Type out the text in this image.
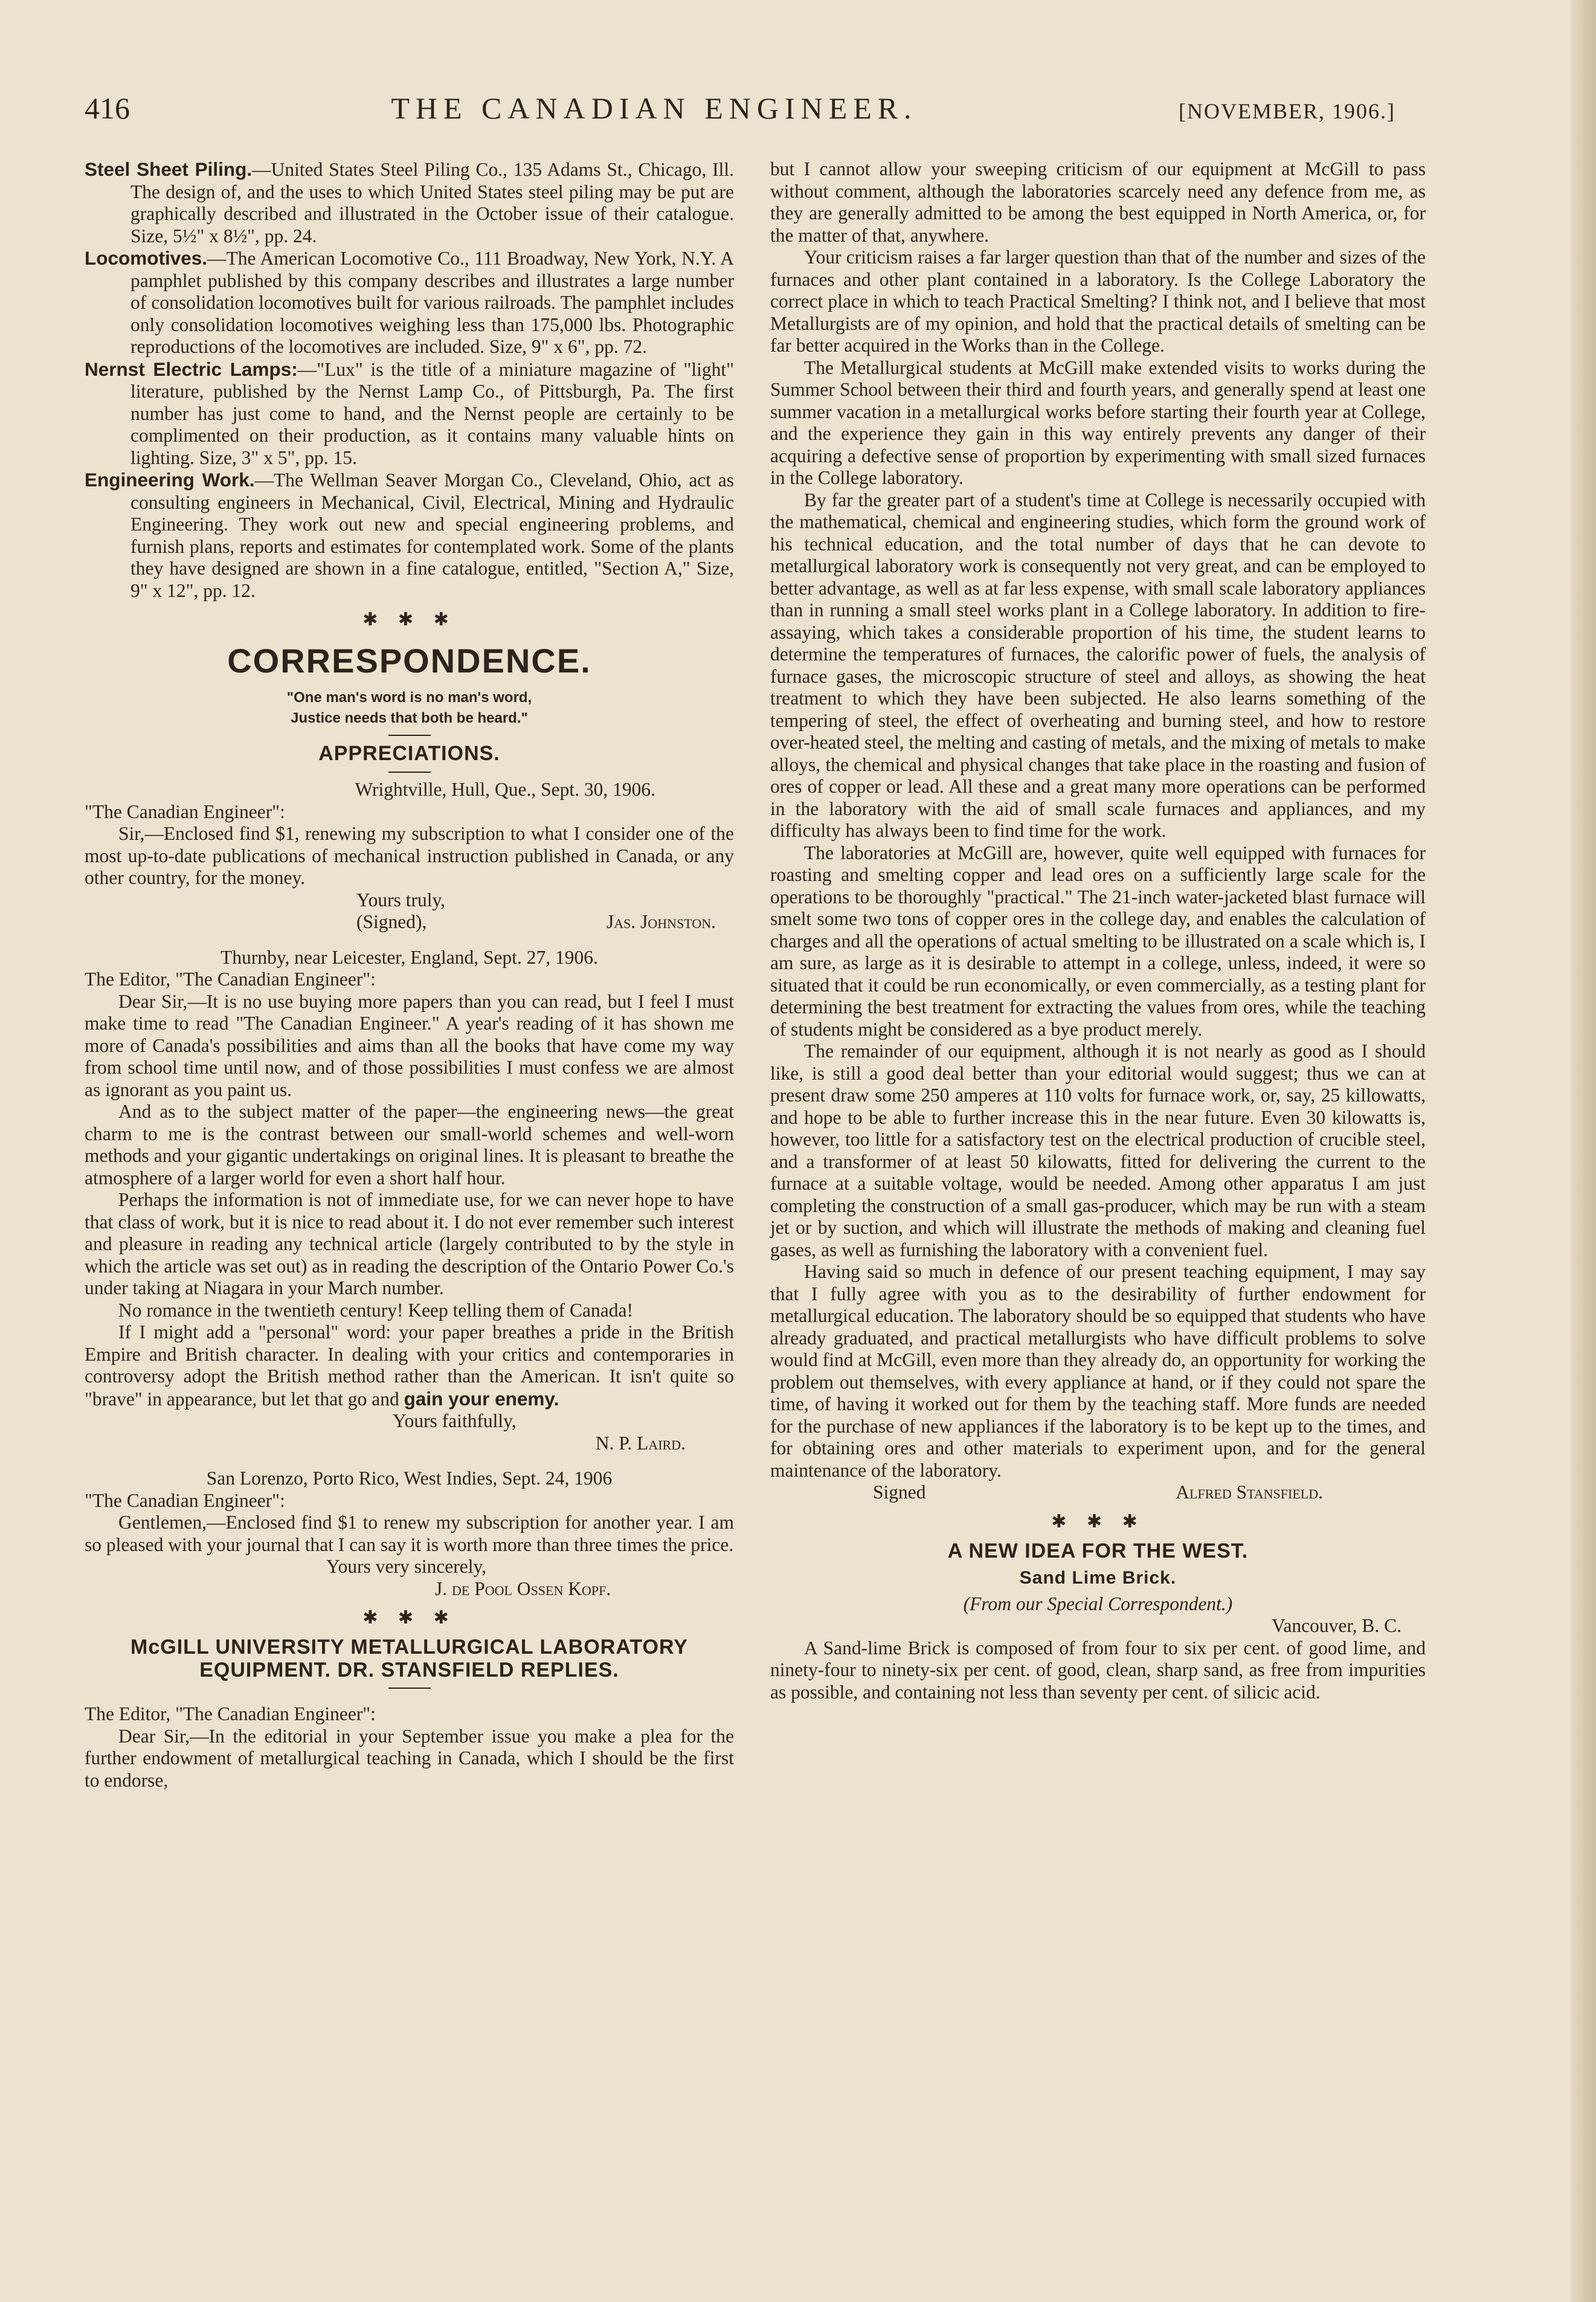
416	THE CANADIAN ENGINEER.	[NOVEMBER, 1906.]

Steel Sheet Piling.—United States Steel Piling Co., 135 Adams St., Chicago, Ill. The design of, and the uses to which United States steel piling may be put are graphically described and illustrated in the October issue of their catalogue. Size, 5½" x 8½", pp. 24.

Locomotives.—The American Locomotive Co., 111 Broadway, New York, N.Y. A pamphlet published by this company describes and illustrates a large number of consolidation locomotives built for various railroads. The pamphlet includes only consolidation locomotives weighing less than 175,000 lbs. Photographic reproductions of the locomotives are included. Size, 9" x 6", pp. 72.

Nernst Electric Lamps:—"Lux" is the title of a miniature magazine of "light" literature, published by the Nernst Lamp Co., of Pittsburgh, Pa. The first number has just come to hand, and the Nernst people are certainly to be complimented on their production, as it contains many valuable hints on lighting. Size, 3" x 5", pp. 15.

Engineering Work.—The Wellman Seaver Morgan Co., Cleveland, Ohio, act as consulting engineers in Mechanical, Civil, Electrical, Mining and Hydraulic Engineering. They work out new and special engineering problems, and furnish plans, reports and estimates for contemplated work. Some of the plants they have designed are shown in a fine catalogue, entitled, "Section A," Size, 9" x 12", pp. 12.

✱ ✱ ✱
CORRESPONDENCE.
"One man's word is no man's word,
Justice needs that both be heard."
APPRECIATIONS.

Wrightville, Hull, Que., Sept. 30, 1906.

"The Canadian Engineer":

Sir,—Enclosed find $1, renewing my subscription to what I consider one of the most up-to-date publications of mechanical instruction published in Canada, or any other country, for the money.

Yours truly,

(Signed),	Jas. Johnston.

Thurnby, near Leicester, England, Sept. 27, 1906.

The Editor, "The Canadian Engineer":

Dear Sir,—It is no use buying more papers than you can read, but I feel I must make time to read "The Canadian Engineer." A year's reading of it has shown me more of Canada's possibilities and aims than all the books that have come my way from school time until now, and of those possibilities I must confess we are almost as ignorant as you paint us.

And as to the subject matter of the paper—the engineering news—the great charm to me is the contrast between our small-world schemes and well-worn methods and your gigantic undertakings on original lines. It is pleasant to breathe the atmosphere of a larger world for even a short half hour.

Perhaps the information is not of immediate use, for we can never hope to have that class of work, but it is nice to read about it. I do not ever remember such interest and pleasure in reading any technical article (largely contributed to by the style in which the article was set out) as in reading the description of the Ontario Power Co.'s under taking at Niagara in your March number.

No romance in the twentieth century! Keep telling them of Canada!

If I might add a "personal" word: your paper breathes a pride in the British Empire and British character. In dealing with your critics and contemporaries in controversy adopt the British method rather than the American. It isn't quite so "brave" in appearance, but let that go and gain your enemy.

Yours faithfully,

N. P. Laird.

San Lorenzo, Porto Rico, West Indies, Sept. 24, 1906

"The Canadian Engineer":

Gentlemen,—Enclosed find $1 to renew my subscription for another year. I am so pleased with your journal that I can say it is worth more than three times the price.

Yours very sincerely,

J. de Pool Ossen Kopf.

✱ ✱ ✱
McGILL UNIVERSITY METALLURGICAL LABORATORY EQUIPMENT. DR. STANSFIELD REPLIES.

The Editor, "The Canadian Engineer":

Dear Sir,—In the editorial in your September issue you make a plea for the further endowment of metallurgical teaching in Canada, which I should be the first to endorse,

but I cannot allow your sweeping criticism of our equipment at McGill to pass without comment, although the laboratories scarcely need any defence from me, as they are generally admitted to be among the best equipped in North America, or, for the matter of that, anywhere.

Your criticism raises a far larger question than that of the number and sizes of the furnaces and other plant contained in a laboratory. Is the College Laboratory the correct place in which to teach Practical Smelting? I think not, and I believe that most Metallurgists are of my opinion, and hold that the practical details of smelting can be far better acquired in the Works than in the College.

The Metallurgical students at McGill make extended visits to works during the Summer School between their third and fourth years, and generally spend at least one summer vacation in a metallurgical works before starting their fourth year at College, and the experience they gain in this way entirely prevents any danger of their acquiring a defective sense of proportion by experimenting with small sized furnaces in the College laboratory.

By far the greater part of a student's time at College is necessarily occupied with the mathematical, chemical and engineering studies, which form the ground work of his technical education, and the total number of days that he can devote to metallurgical laboratory work is consequently not very great, and can be employed to better advantage, as well as at far less expense, with small scale laboratory appliances than in running a small steel works plant in a College laboratory. In addition to fire-assaying, which takes a considerable proportion of his time, the student learns to determine the temperatures of furnaces, the calorific power of fuels, the analysis of furnace gases, the microscopic structure of steel and alloys, as showing the heat treatment to which they have been subjected. He also learns something of the tempering of steel, the effect of overheating and burning steel, and how to restore over-heated steel, the melting and casting of metals, and the mixing of metals to make alloys, the chemical and physical changes that take place in the roasting and fusion of ores of copper or lead. All these and a great many more operations can be performed in the laboratory with the aid of small scale furnaces and appliances, and my difficulty has always been to find time for the work.

The laboratories at McGill are, however, quite well equipped with furnaces for roasting and smelting copper and lead ores on a sufficiently large scale for the operations to be thoroughly "practical." The 21-inch water-jacketed blast furnace will smelt some two tons of copper ores in the college day, and enables the calculation of charges and all the operations of actual smelting to be illustrated on a scale which is, I am sure, as large as it is desirable to attempt in a college, unless, indeed, it were so situated that it could be run economically, or even commercially, as a testing plant for determining the best treatment for extracting the values from ores, while the teaching of students might be considered as a bye product merely.

The remainder of our equipment, although it is not nearly as good as I should like, is still a good deal better than your editorial would suggest; thus we can at present draw some 250 amperes at 110 volts for furnace work, or, say, 25 killowatts, and hope to be able to further increase this in the near future. Even 30 kilowatts is, however, too little for a satisfactory test on the electrical production of crucible steel, and a transformer of at least 50 kilowatts, fitted for delivering the current to the furnace at a suitable voltage, would be needed. Among other apparatus I am just completing the construction of a small gas-producer, which may be run with a steam jet or by suction, and which will illustrate the methods of making and cleaning fuel gases, as well as furnishing the laboratory with a convenient fuel.

Having said so much in defence of our present teaching equipment, I may say that I fully agree with you as to the desirability of further endowment for metallurgical education. The laboratory should be so equipped that students who have already graduated, and practical metallurgists who have difficult problems to solve would find at McGill, even more than they already do, an opportunity for working the problem out themselves, with every appliance at hand, or if they could not spare the time, of having it worked out for them by the teaching staff. More funds are needed for the purchase of new appliances if the laboratory is to be kept up to the times, and for obtaining ores and other materials to experiment upon, and for the general maintenance of the laboratory.

Signed	Alfred Stansfield.
✱ ✱ ✱
A NEW IDEA FOR THE WEST.
Sand Lime Brick.

(From our Special Correspondent.)

Vancouver, B. C.

A Sand-lime Brick is composed of from four to six per cent. of good lime, and ninety-four to ninety-six per cent. of good, clean, sharp sand, as free from impurities as possible, and containing not less than seventy per cent. of silicic acid.
